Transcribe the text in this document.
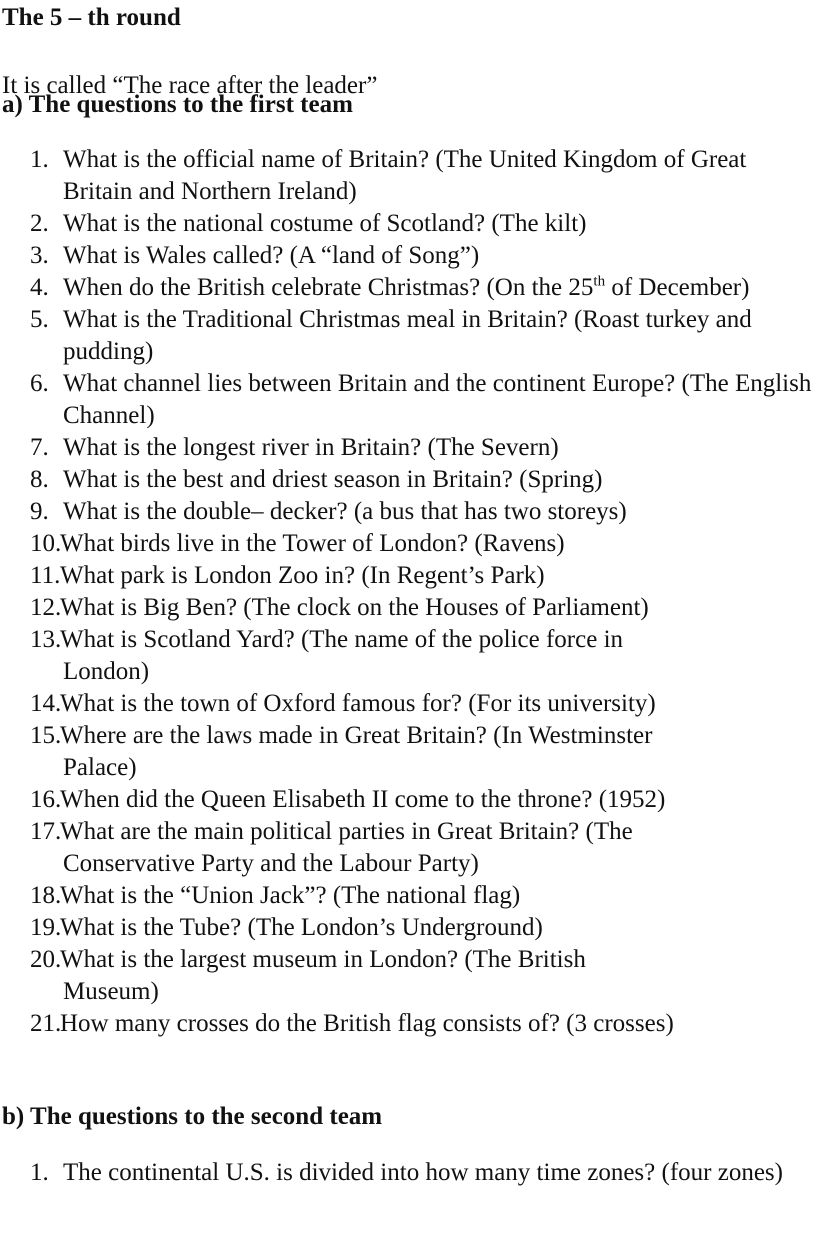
The 5 – th round

It is called “The race after the leader”

a) The questions to the first team

1. What is the official name of Britain? (The United Kingdom of Great Britain and Northern Ireland)
2. What is the national costume of Scotland? (The kilt)
3. What is Wales called? (A “land of Song”)
4. When do the British celebrate Christmas? (On the 25th of December)
5. What is the Traditional Christmas meal in Britain? (Roast turkey and pudding)
6. What channel lies between Britain and the continent Europe? (The English Channel)
7. What is the longest river in Britain? (The Severn)
8. What is the best and driest season in Britain? (Spring)
9. What is the double– decker? (a bus that has two storeys)
10.
What birds live in the Tower of London? (Ravens)
11. What park is London Zoo in? (In Regent’s Park)
12.
What is Big Ben? (The clock on the Houses of Parliament)
13.
What is Scotland Yard? (The name of the police force in
London)
14.
What is the town of Oxford famous for? (For its university)
15.
Where are the laws made in Great Britain? (In Westminster
Palace)
16.
When did the Queen Elisabeth II come to the throne? (1952)
17.
What are the main political parties in Great Britain? (The
Conservative Party and the Labour Party)
18.
What is the “Union Jack”? (The national flag)
19.
What is the Tube? (The London’s Underground)
20.
What is the largest museum in London? (The British
Museum)
21.
How many crosses do the British flag consists of? (3 crosses)

b) The questions to the second team

1. The continental U.S. is divided into how many time zones? (four zones)
